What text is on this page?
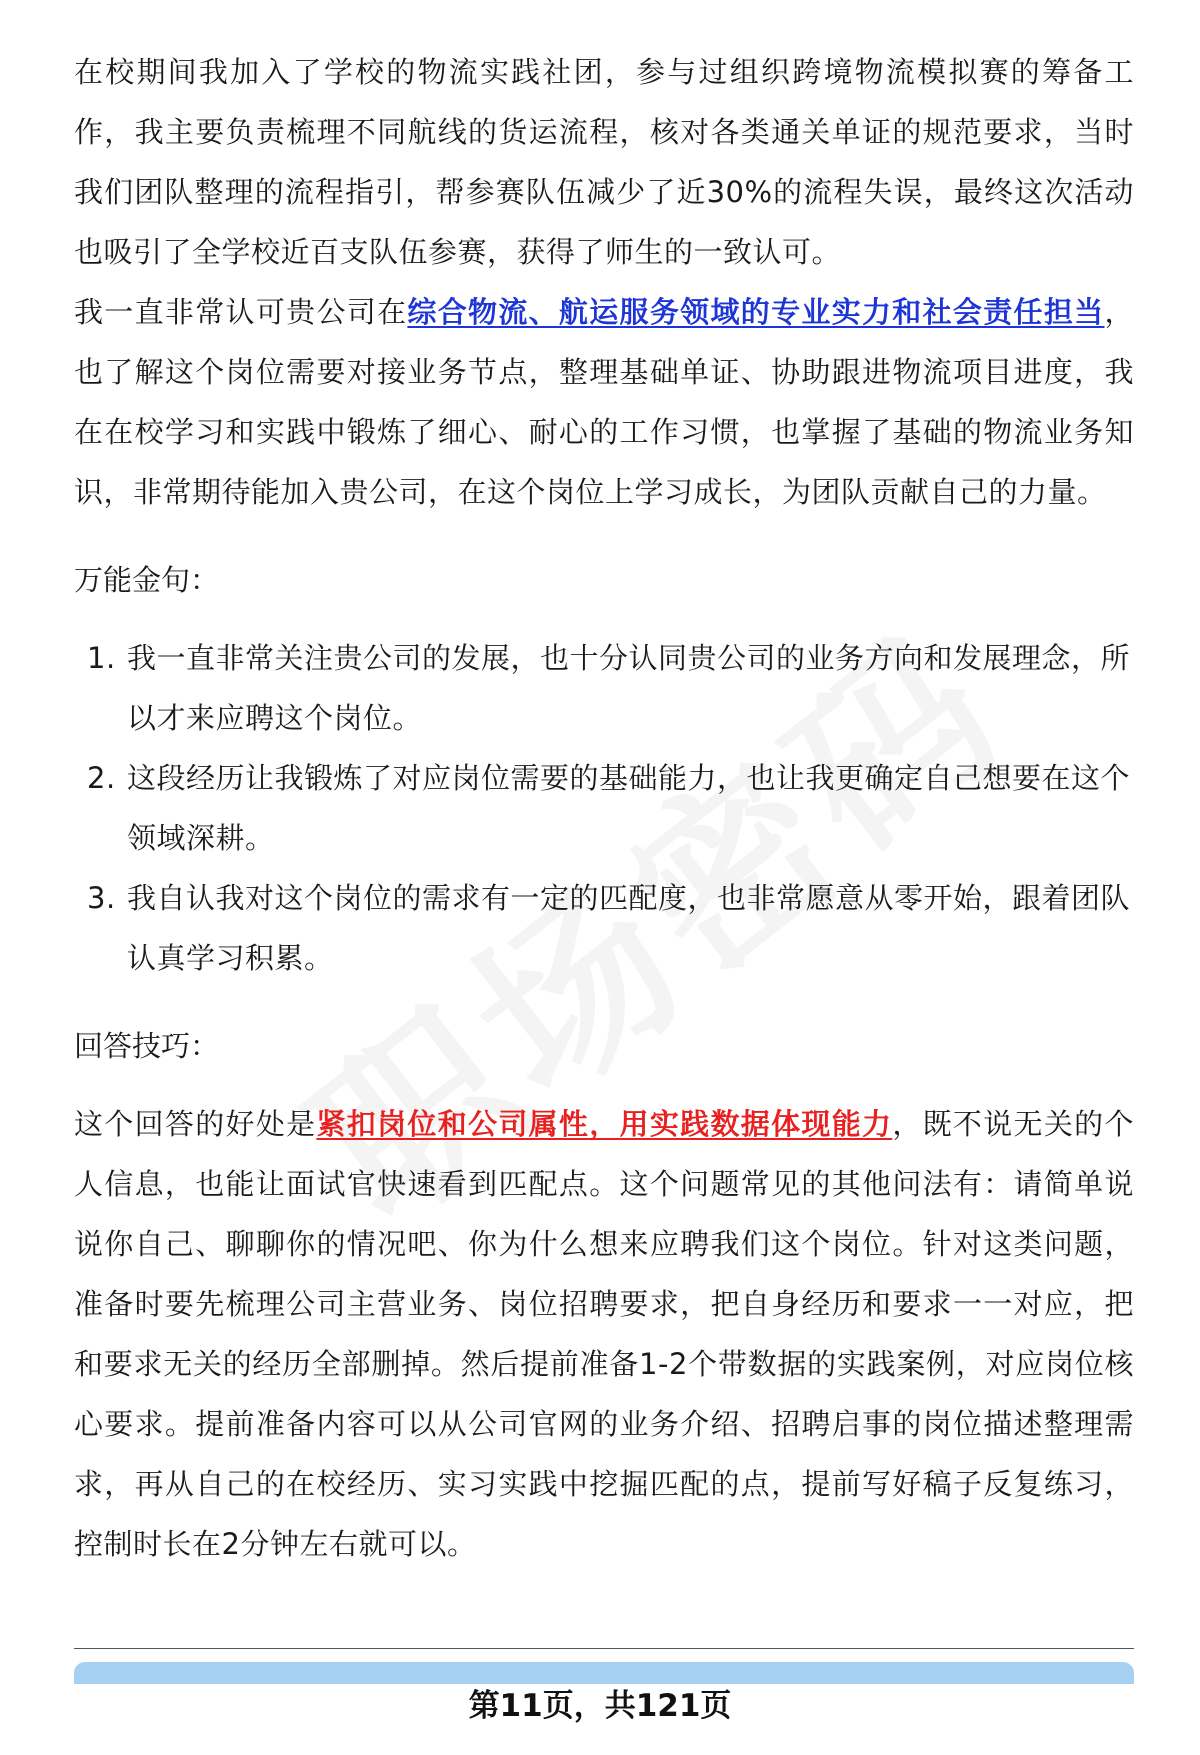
在校期间我加入了学校的物流实践社团，参与过组织跨境物流模拟赛的筹备工作，我主要负责梳理不同航线的货运流程，核对各类通关单证的规范要求，当时我们团队整理的流程指引，帮参赛队伍减少了近30%的流程失误，最终这次活动也吸引了全学校近百支队伍参赛，获得了师生的一致认可。

我一直非常认可贵公司在综合物流、航运服务领域的专业实力和社会责任担当，也了解这个岗位需要对接业务节点，整理基础单证、协助跟进物流项目进度，我在在校学习和实践中锻炼了细心、耐心的工作习惯，也掌握了基础的物流业务知识，非常期待能加入贵公司，在这个岗位上学习成长，为团队贡献自己的力量。

万能金句：
1. 我一直非常关注贵公司的发展，也十分认同贵公司的业务方向和发展理念，所以才来应聘这个岗位。
2. 这段经历让我锻炼了对应岗位需要的基础能力，也让我更确定自己想要在这个领域深耕。
3. 我自认我对这个岗位的需求有一定的匹配度，也非常愿意从零开始，跟着团队认真学习积累。
回答技巧：

这个回答的好处是紧扣岗位和公司属性，用实践数据体现能力，既不说无关的个人信息，也能让面试官快速看到匹配点。这个问题常见的其他问法有：请简单说说你自己、聊聊你的情况吧、你为什么想来应聘我们这个岗位。针对这类问题，准备时要先梳理公司主营业务、岗位招聘要求，把自身经历和要求一一对应，把和要求无关的经历全部删掉。然后提前准备1-2个带数据的实践案例，对应岗位核心要求。提前准备内容可以从公司官网的业务介绍、招聘启事的岗位描述整理需求，再从自己的在校经历、实习实践中挖掘匹配的点，提前写好稿子反复练习，控制时长在2分钟左右就可以。

第11页，共121页
